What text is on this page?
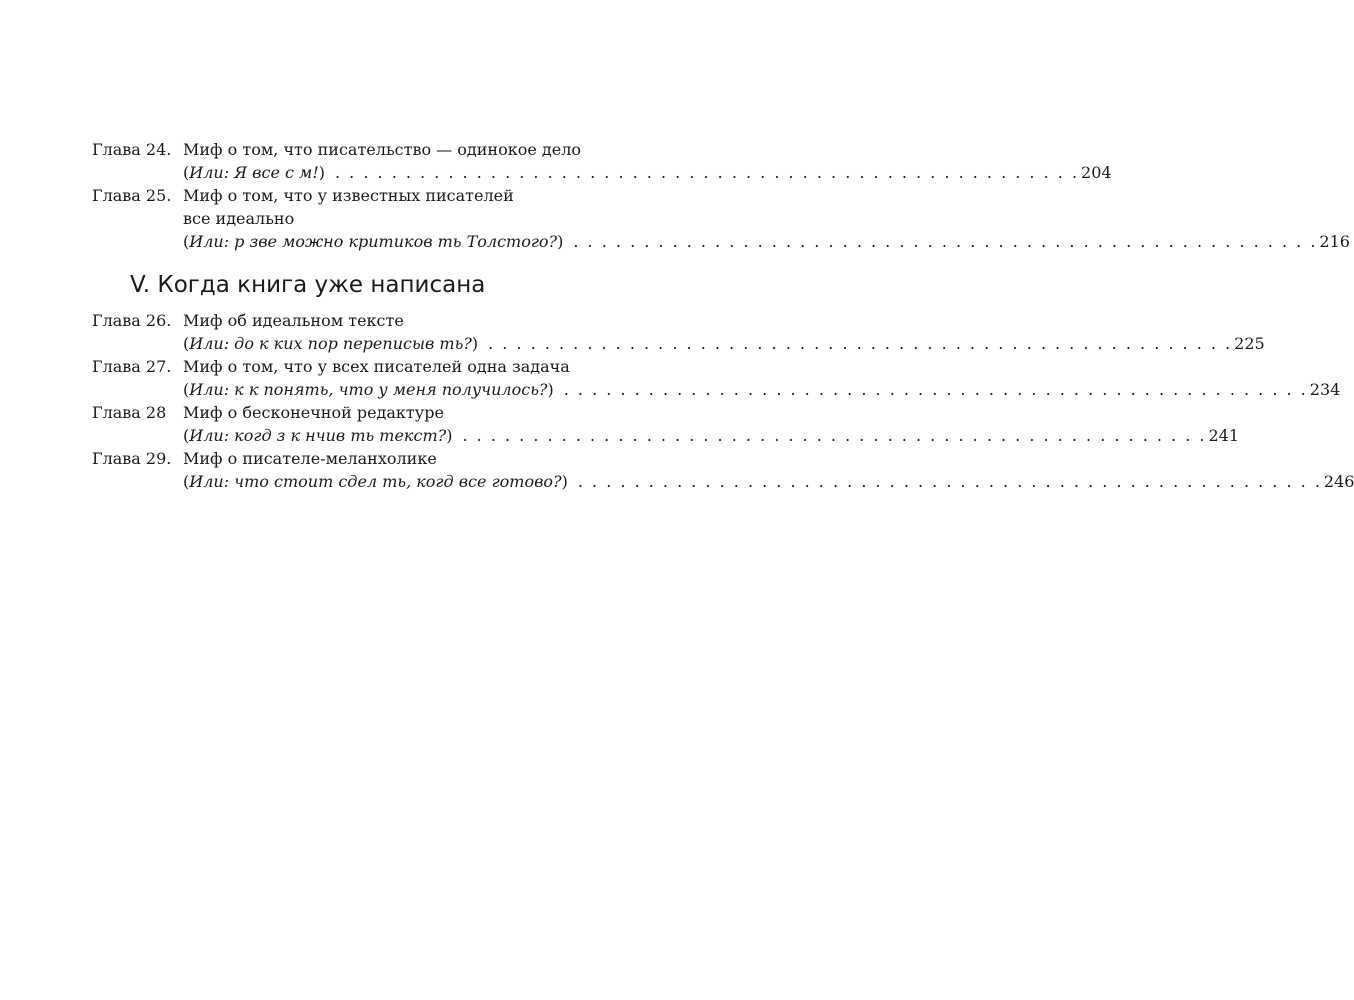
Глава 24. Миф о том, что писательство — одинокое дело
( Или: Я все с м! ) . . . . . . . . . . . . . . . . . . . . . . . . . . . . . . . . . . . . . . . . . . . . . . . . . . . . . 204
Глава 25. Миф о том, что у известных писателей
все идеально
( Или: р зве можно критиков ть Толстого? ) . . . . . . . . . . . . . . . . . . . . . . . . . . . . . . . . . . . . . . . . . . . . . . . . . . . . . 216
V. Когда книга уже написана
Глава 26. Миф об идеальном тексте
( Или: до к ких пор переписыв ть? ) . . . . . . . . . . . . . . . . . . . . . . . . . . . . . . . . . . . . . . . . . . . . . . . . . . . . . 225
Глава 27. Миф о том, что у всех писателей одна задача
( Или: к к понять, что у меня получилось? ) . . . . . . . . . . . . . . . . . . . . . . . . . . . . . . . . . . . . . . . . . . . . . . . . . . . . . 234
Глава 28 Миф о бесконечной редактуре
( Или: когд з к нчив ть текст? ) . . . . . . . . . . . . . . . . . . . . . . . . . . . . . . . . . . . . . . . . . . . . . . . . . . . . . 241
Глава 29. Миф о писателе-меланхолике
( Или: что стоит сдел ть, когд все готово? ) . . . . . . . . . . . . . . . . . . . . . . . . . . . . . . . . . . . . . . . . . . . . . . . . . . . . . 246
